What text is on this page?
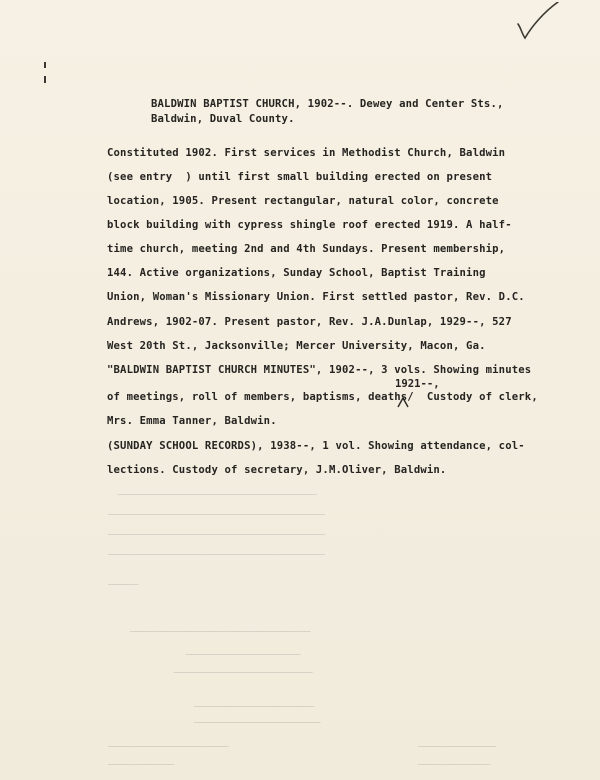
─────────────────────────────────
────────────────────────────────────
────────────────────────────────────
────────────────────────────────────
─────
──────────────────────────────
───────────────────
───────────────────────
────────────────────
─────────────────────
────────────────────	─────────────
───────────	────────────
BALDWIN BAPTIST CHURCH, 1902--. Dewey and Center Sts.,
Baldwin, Duval County.
Constituted 1902. First services in Methodist Church, Baldwin
(see entry  ) until first small building erected on present
location, 1905. Present rectangular, natural color, concrete
block building with cypress shingle roof erected 1919. A half-
time church, meeting 2nd and 4th Sundays. Present membership,
144. Active organizations, Sunday School, Baptist Training
Union, Woman's Missionary Union. First settled pastor, Rev. D.C.
Andrews, 1902-07. Present pastor, Rev. J.A.Dunlap, 1929--, 527
West 20th St., Jacksonville; Mercer University, Macon, Ga.
"BALDWIN BAPTIST CHURCH MINUTES", 1902--, 3 vols. Showing minutes
1921--,
of meetings, roll of members, baptisms, deaths/  Custody of clerk,
Mrs. Emma Tanner, Baldwin.
(SUNDAY SCHOOL RECORDS), 1938--, 1 vol. Showing attendance, col-
lections. Custody of secretary, J.M.Oliver, Baldwin.
